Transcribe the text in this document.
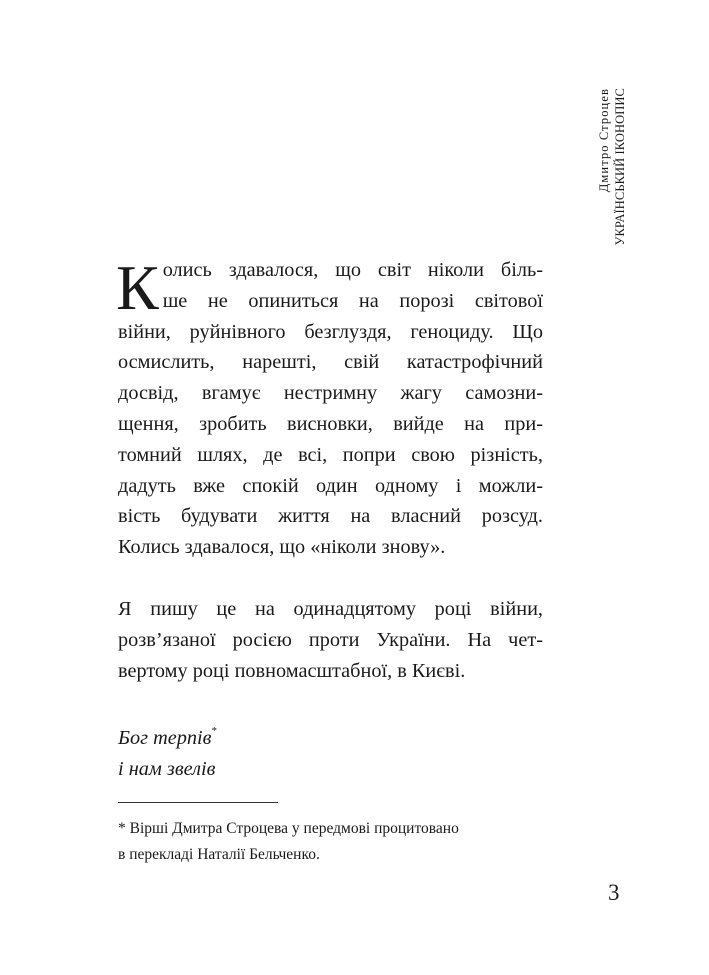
Дмитро Строцев УКРАЇНСЬКИЙ ІКОНОПИС
К олись здавалося, що світ ніколи біль-
ше не опиниться на порозі світової
війни, руйнівного безглуздя, геноциду. Що
осмислить, нарешті, свій катастрофічний
досвід, вгамує нестримну жагу самозни-
щення, зробить висновки, вийде на при-
томний шлях, де всі, попри свою різність,
дадуть вже спокій один одному і можли-
вість будувати життя на власний розсуд.
Колись здавалося, що «ніколи знову».
Я пишу це на одинадцятому році війни,
розв’язаної росією проти України. На чет-
вертому році повномасштабної, в Києві.
Бог терпів*
і нам звелів
* Вірші Дмитра Строцева у передмові процитовано
в перекладі Наталії Бельченко.
3
